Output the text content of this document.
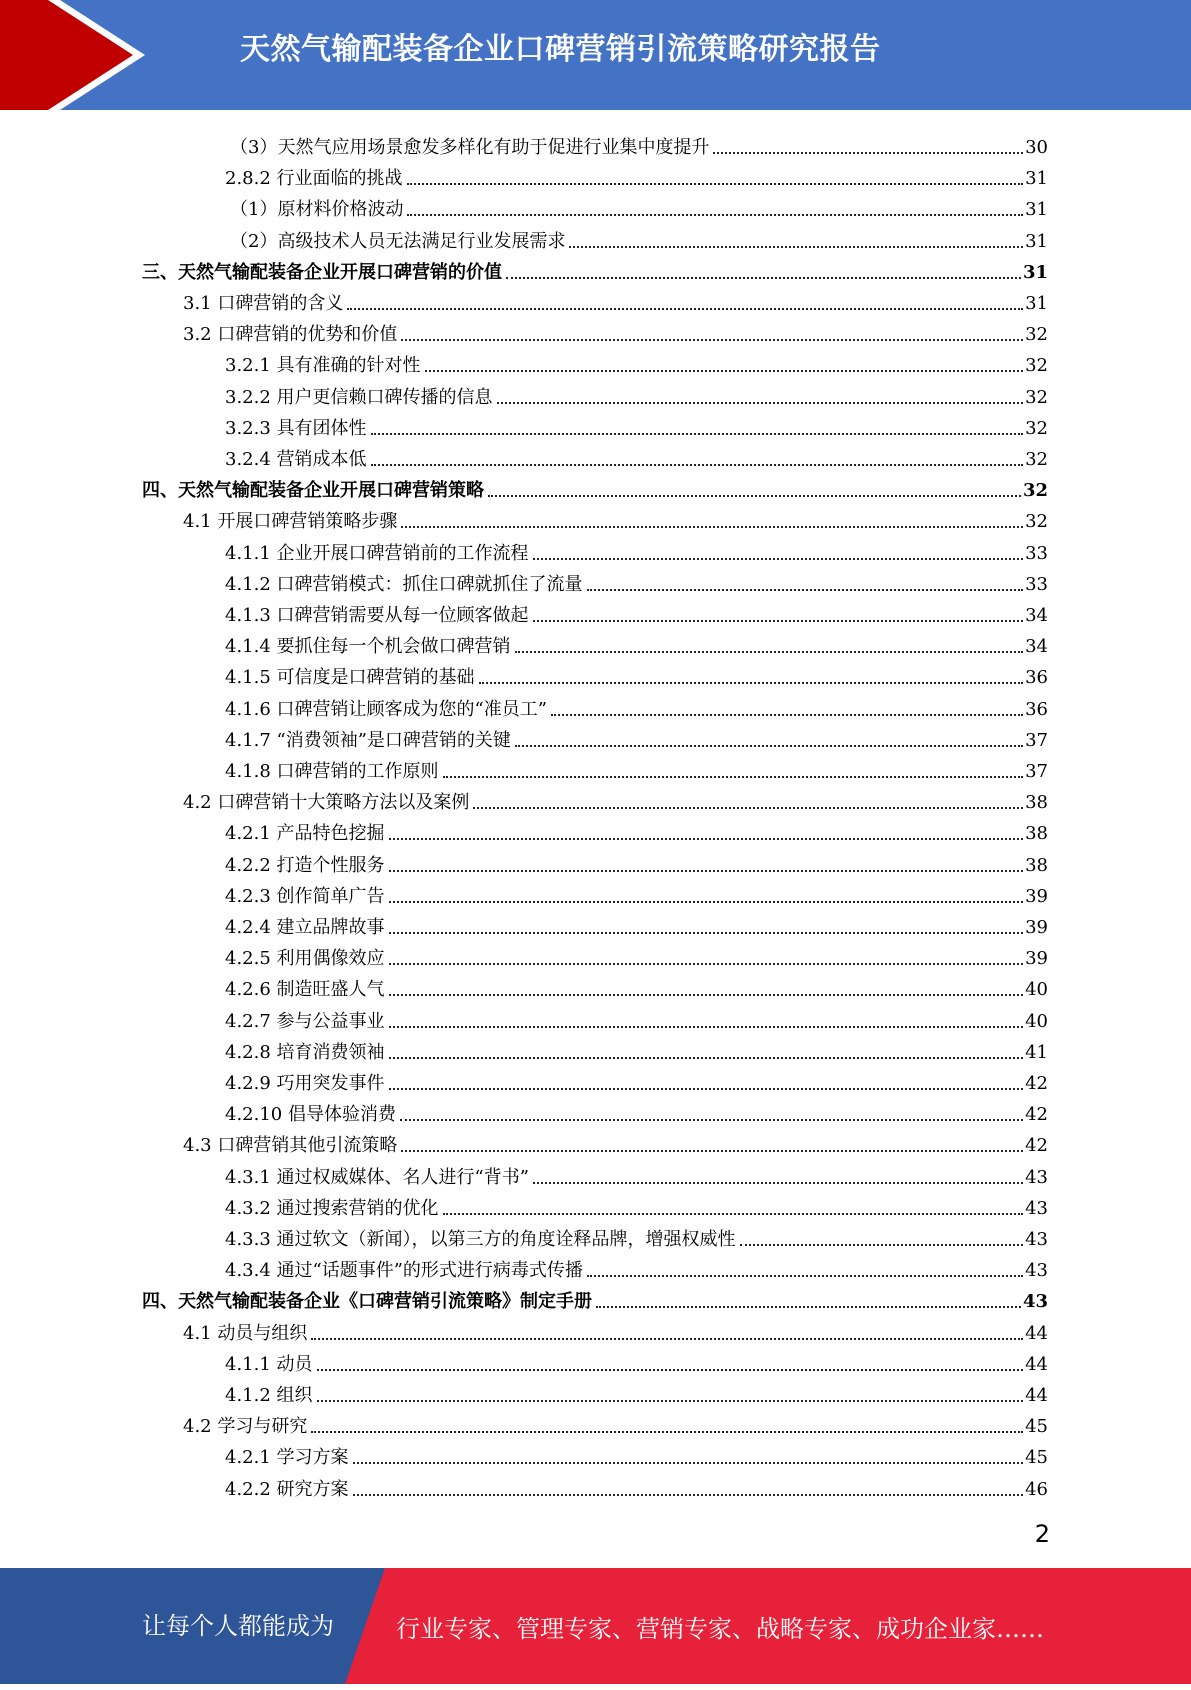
天然气输配装备企业口碑营销引流策略研究报告
（3）天然气应用场景愈发多样化有助于促进行业集中度提升	30
2.8.2 行业面临的挑战	31
（1）原材料价格波动	31
（2）高级技术人员无法满足行业发展需求	31
三、天然气输配装备企业开展口碑营销的价值	31
3.1 口碑营销的含义	31
3.2 口碑营销的优势和价值	32
3.2.1 具有准确的针对性	32
3.2.2 用户更信赖口碑传播的信息	32
3.2.3 具有团体性	32
3.2.4 营销成本低	32
四、天然气输配装备企业开展口碑营销策略	32
4.1 开展口碑营销策略步骤	32
4.1.1 企业开展口碑营销前的工作流程	33
4.1.2 口碑营销模式：抓住口碑就抓住了流量	33
4.1.3 口碑营销需要从每一位顾客做起	34
4.1.4 要抓住每一个机会做口碑营销	34
4.1.5 可信度是口碑营销的基础	36
4.1.6 口碑营销让顾客成为您的“准员工”	36
4.1.7 “消费领袖”是口碑营销的关键	37
4.1.8 口碑营销的工作原则	37
4.2 口碑营销十大策略方法以及案例	38
4.2.1 产品特色挖掘	38
4.2.2 打造个性服务	38
4.2.3 创作简单广告	39
4.2.4 建立品牌故事	39
4.2.5 利用偶像效应	39
4.2.6 制造旺盛人气	40
4.2.7 参与公益事业	40
4.2.8 培育消费领袖	41
4.2.9 巧用突发事件	42
4.2.10 倡导体验消费	42
4.3 口碑营销其他引流策略	42
4.3.1 通过权威媒体、名人进行“背书”	43
4.3.2 通过搜索营销的优化	43
4.3.3 通过软文（新闻），以第三方的角度诠释品牌，增强权威性	43
4.3.4 通过“话题事件”的形式进行病毒式传播	43
四、天然气输配装备企业《口碑营销引流策略》制定手册	43
4.1 动员与组织	44
4.1.1 动员	44
4.1.2 组织	44
4.2 学习与研究	45
4.2.1 学习方案	45
4.2.2 研究方案	46
2
让每个人都能成为	行业专家、管理专家、营销专家、战略专家、成功企业家……
